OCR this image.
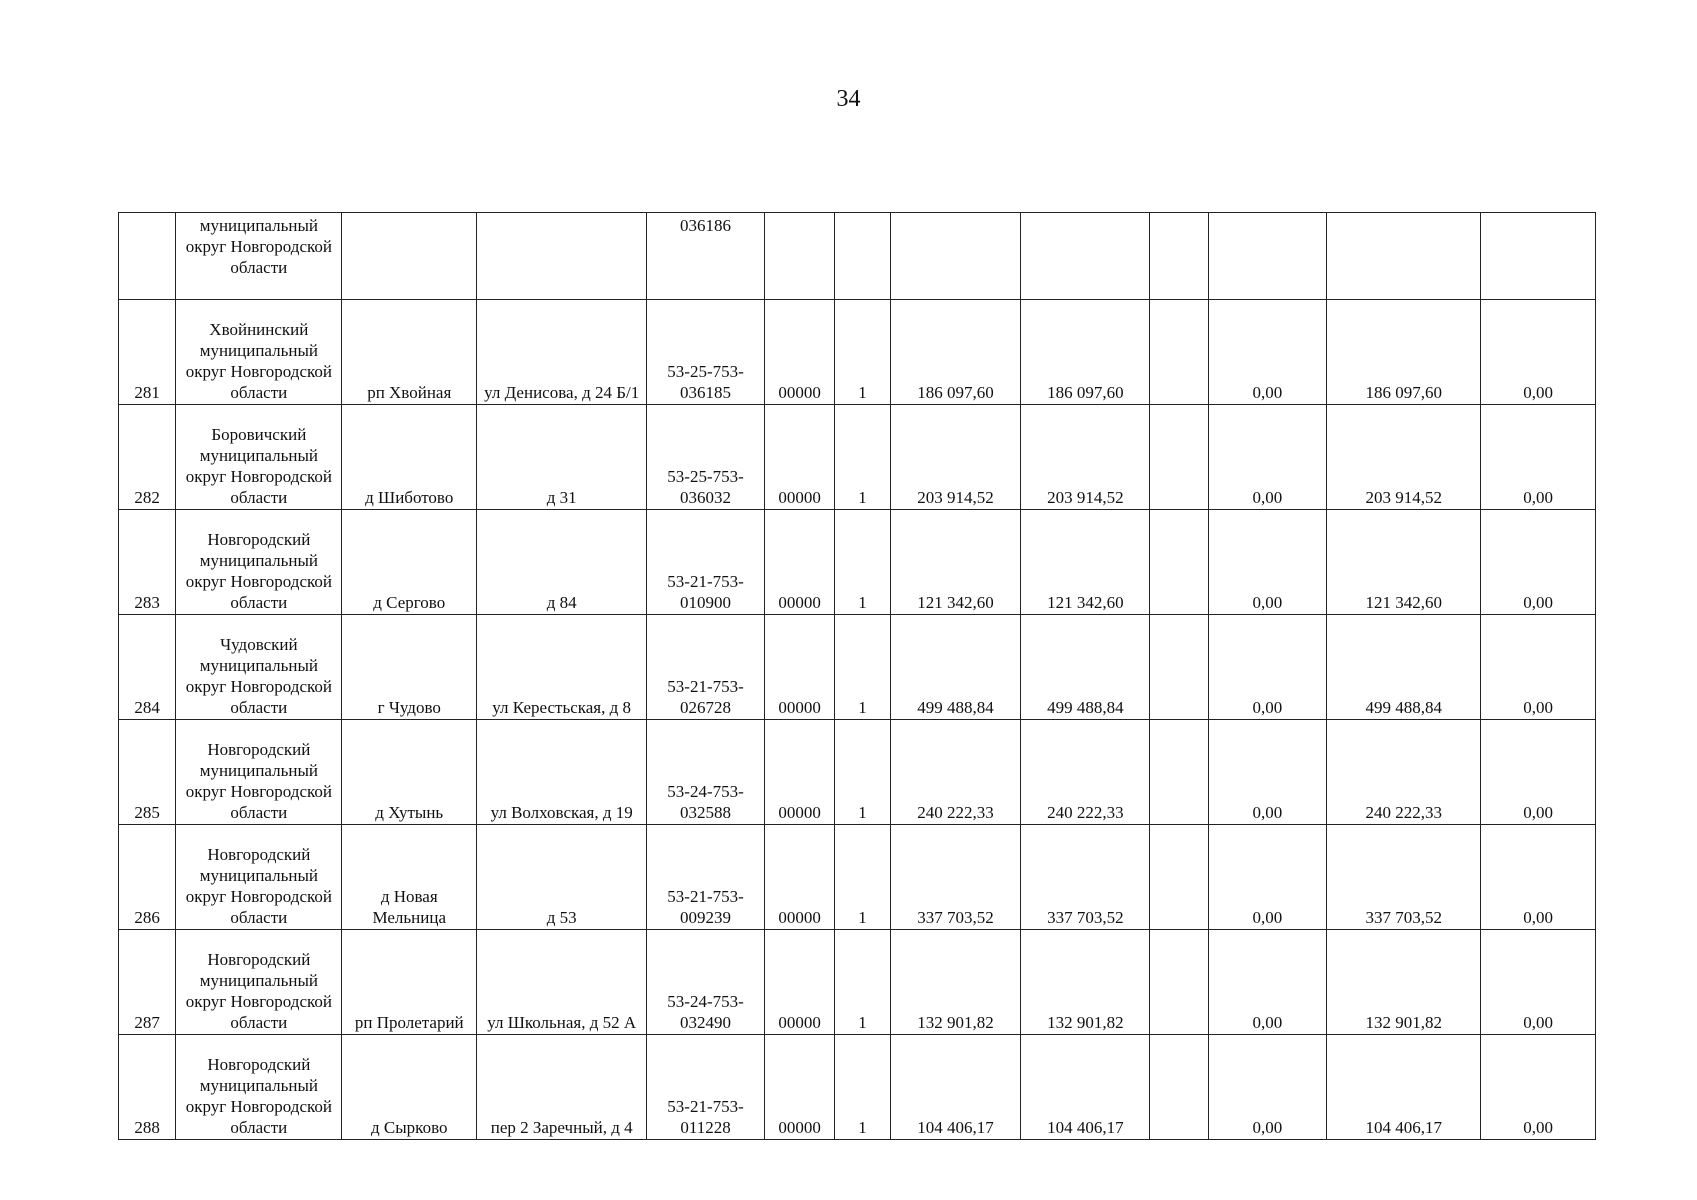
34
	муниципальный округ Новгородской области			036186								
281	Хвойнинский муниципальный округ Новгородской области	рп Хвойная	ул Денисова, д 24 Б/1	53-25-753-036185	00000	1	186 097,60	186 097,60		0,00	186 097,60	0,00
282	Боровичский муниципальный округ Новгородской области	д Шиботово	д 31	53-25-753-036032	00000	1	203 914,52	203 914,52		0,00	203 914,52	0,00
283	Новгородский муниципальный округ Новгородской области	д Сергово	д 84	53-21-753-010900	00000	1	121 342,60	121 342,60		0,00	121 342,60	0,00
284	Чудовский муниципальный округ Новгородской области	г Чудово	ул Керестьская, д 8	53-21-753-026728	00000	1	499 488,84	499 488,84		0,00	499 488,84	0,00
285	Новгородский муниципальный округ Новгородской области	д Хутынь	ул Волховская, д 19	53-24-753-032588	00000	1	240 222,33	240 222,33		0,00	240 222,33	0,00
286	Новгородский муниципальный округ Новгородской области	д Новая Мельница	д 53	53-21-753-009239	00000	1	337 703,52	337 703,52		0,00	337 703,52	0,00
287	Новгородский муниципальный округ Новгородской области	рп Пролетарий	ул Школьная, д 52 А	53-24-753-032490	00000	1	132 901,82	132 901,82		0,00	132 901,82	0,00
288	Новгородский муниципальный округ Новгородской области	д Сырково	пер 2 Заречный, д 4	53-21-753-011228	00000	1	104 406,17	104 406,17		0,00	104 406,17	0,00
